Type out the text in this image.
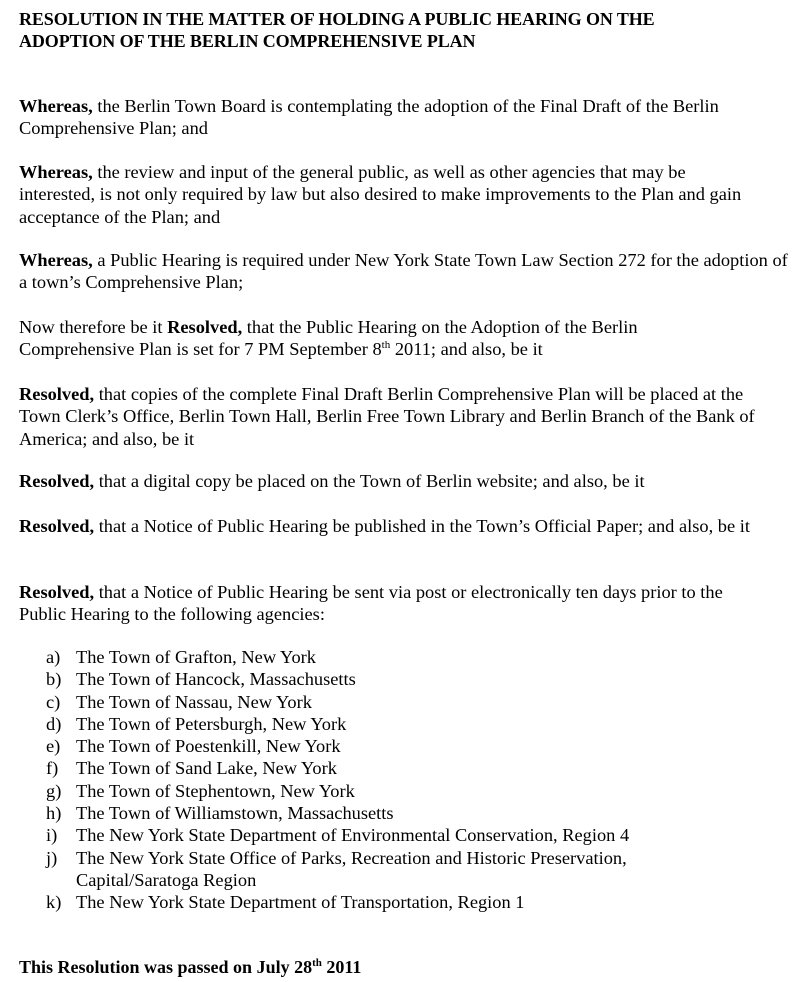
RESOLUTION IN THE MATTER OF HOLDING A PUBLIC HEARING ON THE
ADOPTION OF THE BERLIN COMPREHENSIVE PLAN
Whereas, the Berlin Town Board is contemplating the adoption of the Final Draft of the Berlin Comprehensive Plan; and
Whereas, the review and input of the general public, as well as other agencies that may be interested, is not only required by law but also desired to make improvements to the Plan and gain acceptance of the Plan; and
Whereas, a Public Hearing is required under New York State Town Law Section 272 for the adoption of a town’s Comprehensive Plan;
Now therefore be it Resolved, that the Public Hearing on the Adoption of the Berlin Comprehensive Plan is set for 7 PM September 8th 2011; and also, be it
Resolved, that copies of the complete Final Draft Berlin Comprehensive Plan will be placed at the Town Clerk’s Office, Berlin Town Hall, Berlin Free Town Library and Berlin Branch of the Bank of America; and also, be it
Resolved, that a digital copy be placed on the Town of Berlin website; and also, be it
Resolved, that a Notice of Public Hearing be published in the Town’s Official Paper; and also, be it
Resolved, that a Notice of Public Hearing be sent via post or electronically ten days prior to the Public Hearing to the following agencies:
a) The Town of Grafton, New York
b) The Town of Hancock, Massachusetts
c) The Town of Nassau, New York
d) The Town of Petersburgh, New York
e) The Town of Poestenkill, New York
f) The Town of Sand Lake, New York
g) The Town of Stephentown, New York
h) The Town of Williamstown, Massachusetts
i) The New York State Department of Environmental Conservation, Region 4
j) The New York State Office of Parks, Recreation and Historic Preservation, Capital/Saratoga Region
k) The New York State Department of Transportation, Region 1
This Resolution was passed on July 28th 2011
